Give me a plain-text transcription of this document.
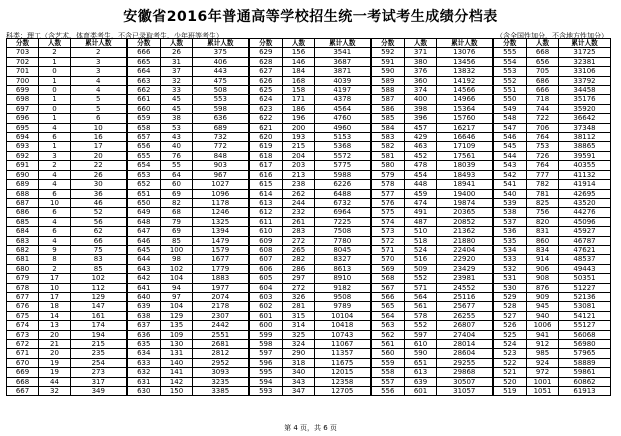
安徽省2016年普通高等学校招生统一考试考生成绩分档表
科类：理工（含艺术、体育类考生，不含已录取考生、少年班等考生）	（含全国性加分，不含地方性加分）
分数	人数	累计人数	分数	人数	累计人数	分数	人数	累计人数	分数	人数	累计人数	分数	人数	累计人数
703	2	2	666	26	375	629	156	3541	592	371	13076	555	668	31725
702	1	3	665	31	406	628	146	3687	591	380	13456	554	656	32381
701	0	3	664	37	443	627	184	3871	590	376	13832	553	705	33106
700	1	4	663	32	475	626	168	4039	589	360	14192	552	686	33792
699	0	4	662	33	508	625	158	4197	588	374	14566	551	666	34458
698	1	5	661	45	553	624	171	4378	587	400	14966	550	718	35176
697	0	5	660	45	598	623	186	4564	586	398	15364	549	744	35920
696	1	6	659	38	636	622	196	4760	585	396	15760	548	722	36642
695	4	10	658	53	689	621	200	4960	584	457	16217	547	706	37348
694	6	16	657	43	732	620	193	5153	583	429	16646	546	764	38112
693	1	17	656	40	772	619	215	5368	582	463	17109	545	753	38865
692	3	20	655	76	848	618	204	5572	581	452	17561	544	726	39591
691	2	22	654	55	903	617	203	5775	580	478	18039	543	764	40355
690	4	26	653	64	967	616	213	5988	579	454	18493	542	777	41132
689	4	30	652	60	1027	615	238	6226	578	448	18941	541	782	41914
688	6	36	651	69	1096	614	262	6488	577	459	19400	540	781	42695
687	10	46	650	82	1178	613	244	6732	576	474	19874	539	825	43520
686	6	52	649	68	1246	612	232	6964	575	491	20365	538	756	44276
685	4	56	648	79	1325	611	261	7225	574	487	20852	537	820	45096
684	6	62	647	69	1394	610	283	7508	573	510	21362	536	831	45927
683	4	66	646	85	1479	609	272	7780	572	518	21880	535	860	46787
682	9	75	645	100	1579	608	265	8045	571	524	22404	534	834	47621
681	8	83	644	98	1677	607	282	8327	570	516	22920	533	914	48537
680	2	85	643	102	1779	606	286	8613	569	509	23429	532	906	49443
679	17	102	642	104	1883	605	297	8910	568	552	23981	531	908	50351
678	10	112	641	94	1977	604	272	9182	567	571	24552	530	876	51227
677	17	129	640	97	2074	603	326	9508	566	564	25116	529	909	52136
676	18	147	639	104	2178	602	281	9789	565	561	25677	528	945	53081
675	14	161	638	129	2307	601	315	10104	564	578	26255	527	940	54121
674	13	174	637	135	2442	600	314	10418	563	552	26807	526	1006	55127
673	20	194	636	109	2551	599	325	10743	562	597	27404	525	941	56068
672	21	215	635	130	2681	598	324	11067	561	610	28014	524	912	56980
671	20	235	634	131	2812	597	290	11357	560	590	28604	523	985	57965
670	19	254	633	140	2952	596	318	11675	559	651	29255	522	924	58889
669	19	273	632	141	3093	595	340	12015	558	613	29868	521	972	59861
668	44	317	631	142	3235	594	343	12358	557	639	30507	520	1001	60862
667	32	349	630	150	3385	593	347	12705	556	601	31057	519	1051	61913
第 4 页，共 6 页
